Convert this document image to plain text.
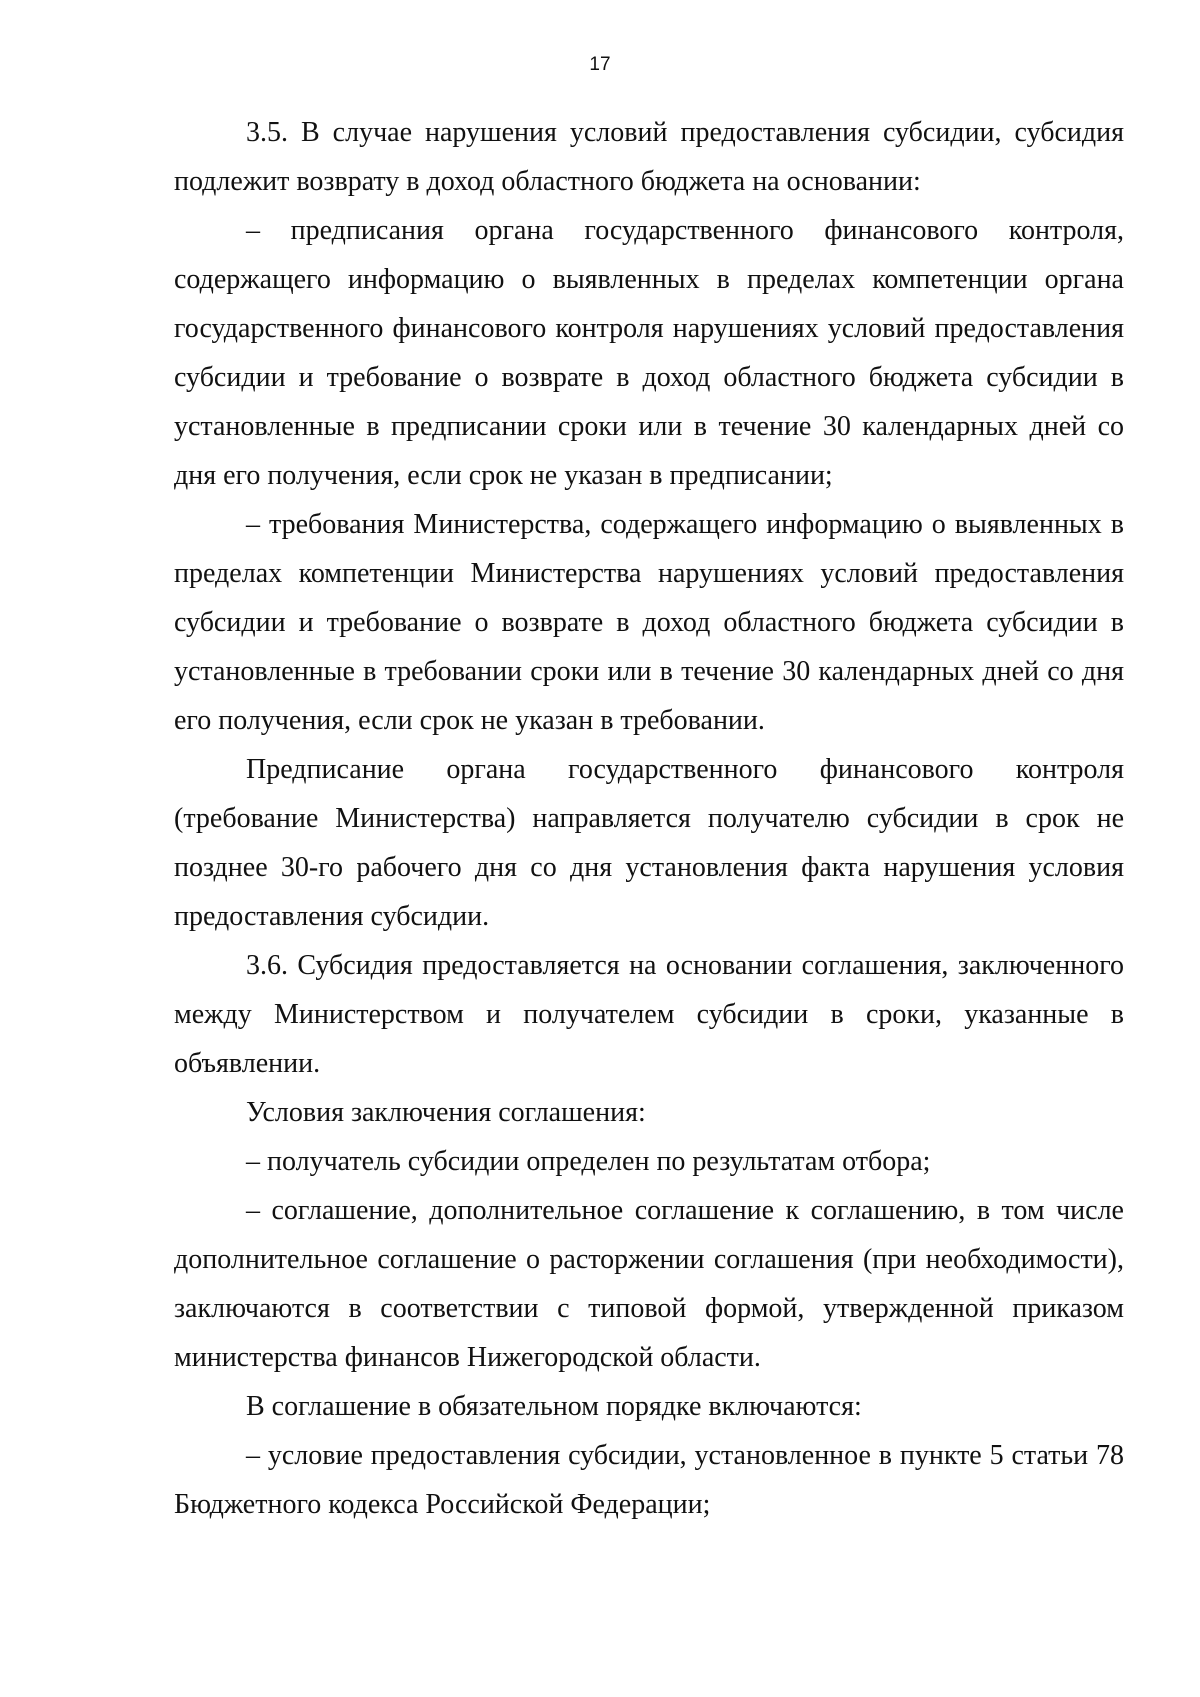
17

3.5. В случае нарушения условий предоставления субсидии, субсидия подлежит возврату в доход областного бюджета на основании:

– предписания органа государственного финансового контроля, содержащего информацию о выявленных в пределах компетенции органа государственного финансового контроля нарушениях условий предоставления субсидии и требование о возврате в доход областного бюджета субсидии в установленные в предписании сроки или в течение 30 календарных дней со дня его получения, если срок не указан в предписании;

– требования Министерства, содержащего информацию о выявленных в пределах компетенции Министерства нарушениях условий предоставления субсидии и требование о возврате в доход областного бюджета субсидии в установленные в требовании сроки или в течение 30 календарных дней со дня его получения, если срок не указан в требовании.

Предписание органа государственного финансового контроля (требование Министерства) направляется получателю субсидии в срок не позднее 30-го рабочего дня со дня установления факта нарушения условия предоставления субсидии.

3.6. Субсидия предоставляется на основании соглашения, заключенного между Министерством и получателем субсидии в сроки, указанные в объявлении.

Условия заключения соглашения:

– получатель субсидии определен по результатам отбора;

– соглашение, дополнительное соглашение к соглашению, в том числе дополнительное соглашение о расторжении соглашения (при необходимости), заключаются в соответствии с типовой формой, утвержденной приказом министерства финансов Нижегородской области.

В соглашение в обязательном порядке включаются:

– условие предоставления субсидии, установленное в пункте 5 статьи 78 Бюджетного кодекса Российской Федерации;
